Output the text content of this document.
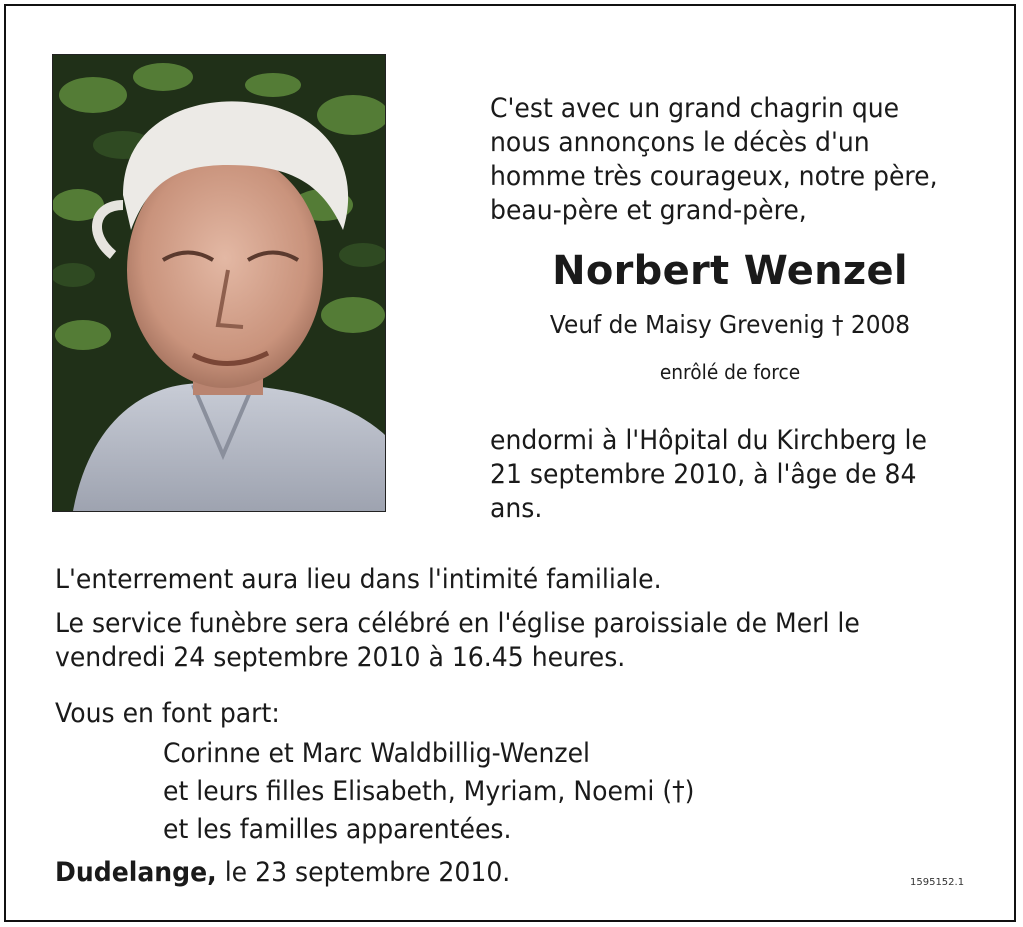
C'est avec un grand chagrin que nous annonçons le décès d'un homme très courageux, notre père, beau-père et grand-père,

Norbert Wenzel

Veuf de Maisy Grevenig † 2008

enrôlé de force

endormi à l'Hôpital du Kirchberg le 21 septembre 2010, à l'âge de 84 ans.

L'enterrement aura lieu dans l'intimité familiale.

Le service funèbre sera célébré en l'église paroissiale de Merl le vendredi 24 septembre 2010 à 16.45 heures.

Vous en font part:

Corinne et Marc Waldbillig-Wenzel
et leurs filles Elisabeth, Myriam, Noemi (†)
et les familles apparentées.

Dudelange, le 23 septembre 2010.	1595152.1
